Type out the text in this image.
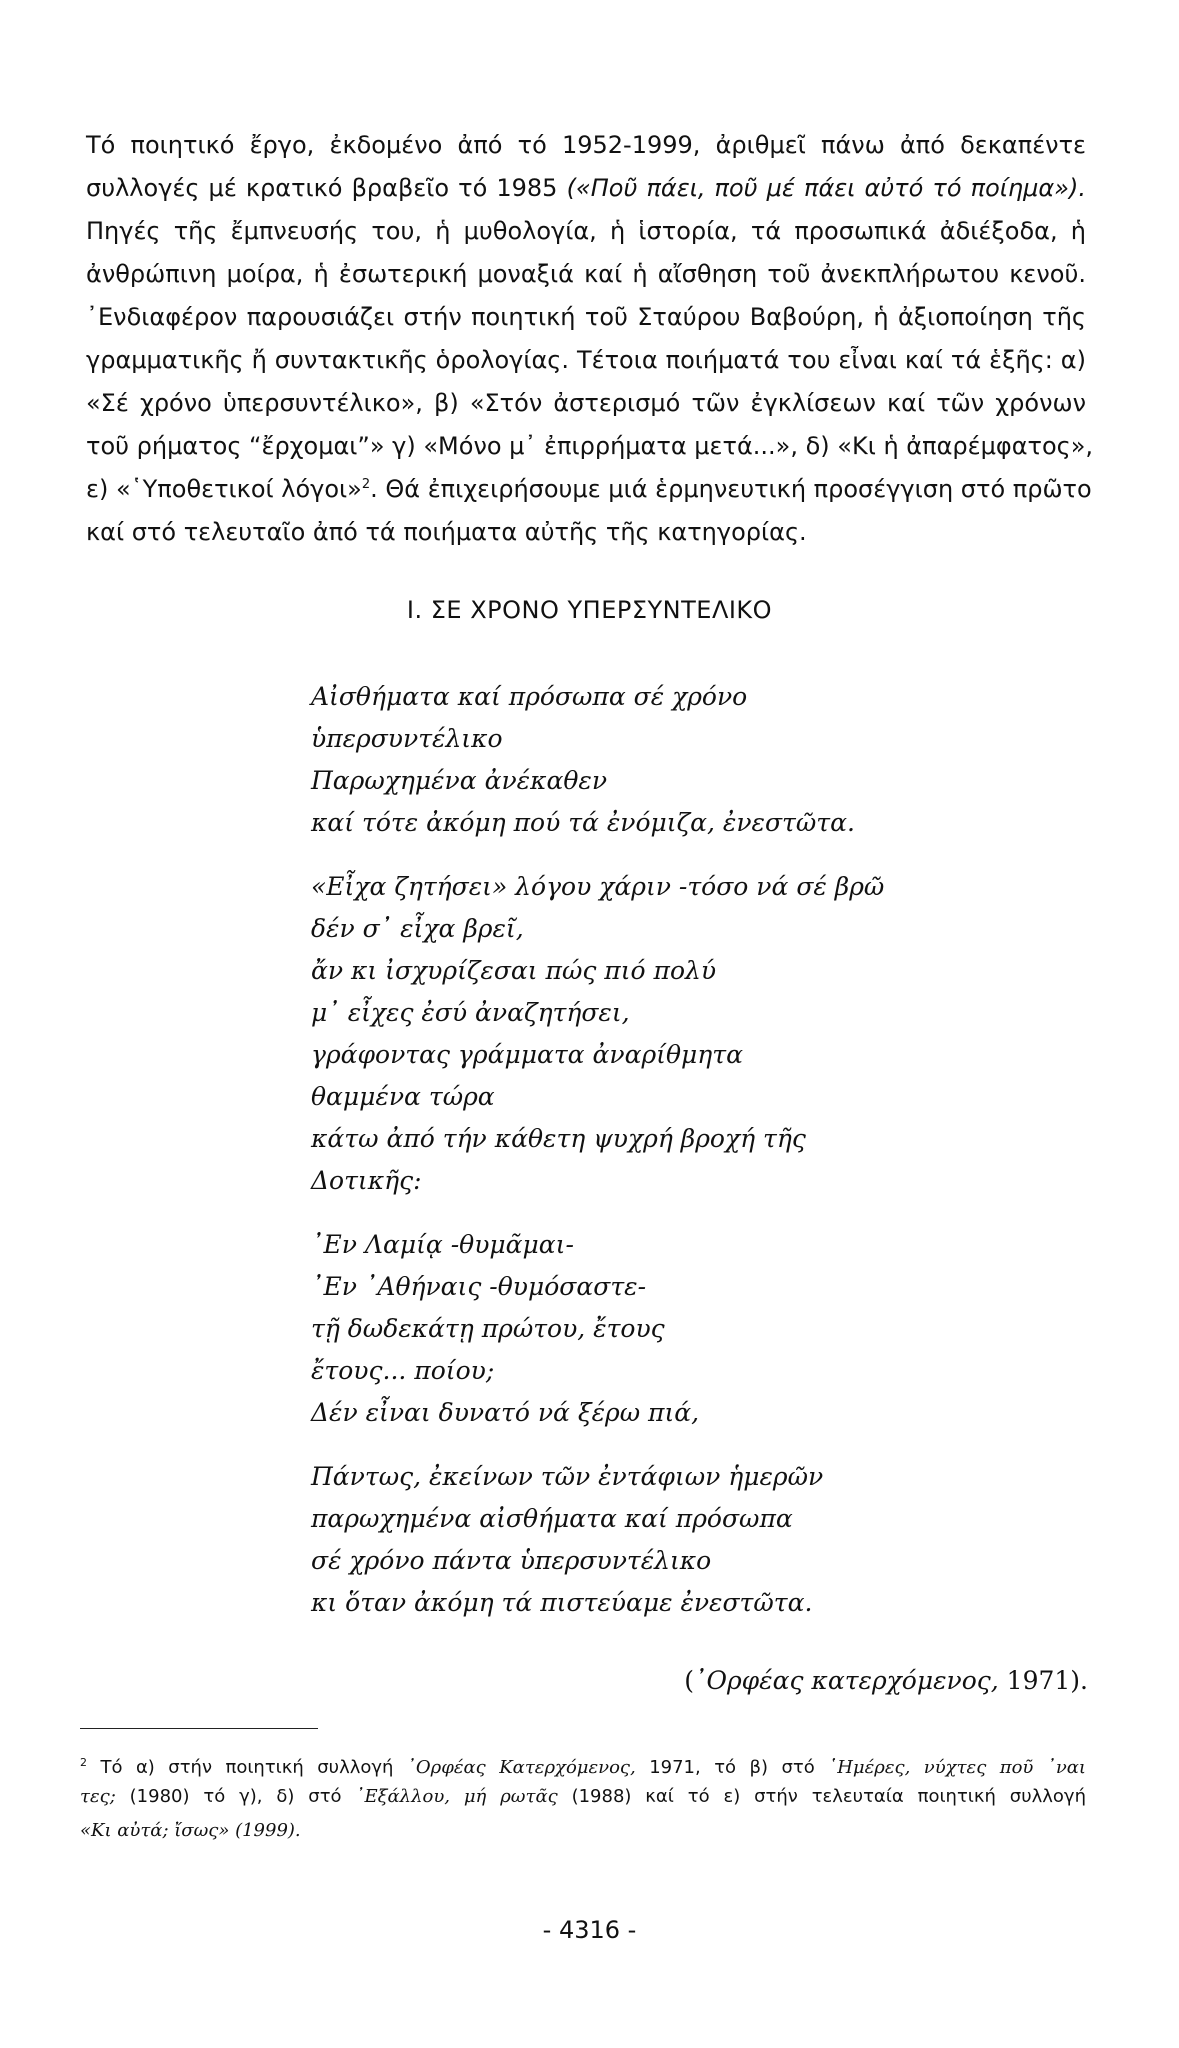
Τό ποιητικό ἔργο, ἐκδομένο ἀπό τό 1952-1999, ἀριθμεῖ πάνω ἀπό δεκαπέντε
συλλογές μέ κρατικό βραβεῖο τό 1985 («Ποῦ πάει, ποῦ μέ πάει αὐτό τό ποίημα»).
Πηγές τῆς ἔμπνευσής του, ἡ μυθολογία, ἡ ἱστορία, τά προσωπικά ἀδιέξοδα, ἡ
ἀνθρώπινη μοίρα, ἡ ἐσωτερική μοναξιά καί ἡ αἴσθηση τοῦ ἀνεκπλήρωτου κενοῦ.
᾿Ενδιαφέρον παρουσιάζει στήν ποιητική τοῦ Σταύρου Βαβούρη, ἡ ἀξιοποίηση τῆς
γραμματικῆς ἤ συντακτικῆς ὁρολογίας. Τέτοια ποιήματά του εἶναι καί τά ἑξῆς: α)
«Σέ χρόνο ὑπερσυντέλικο», β) «Στόν ἀστερισμό τῶν ἐγκλίσεων καί τῶν χρόνων
τοῦ ρήματος “ἔρχομαι”» γ) «Μόνο μ᾿ ἐπιρρήματα μετά...», δ) «Κι ἡ ἀπαρέμφατος»,
ε) «῾Υποθετικοί λόγοι»$^2$. Θά ἐπιχειρήσουμε μιά ἑρμηνευτική προσέγγιση στό πρῶτο
καί στό τελευταῖο ἀπό τά ποιήματα αὐτῆς τῆς κατηγορίας.
I. ΣΕ ΧΡΟΝΟ ΥΠΕΡΣΥΝΤΕΛΙΚΟ
Αἰσθήματα καί πρόσωπα σέ χρόνο
ὑπερσυντέλικο
Παρωχημένα ἀνέκαθεν
καί τότε ἀκόμη πού τά ἐνόμιζα, ἐνεστῶτα.
«Εἶχα ζητήσει» λόγου χάριν -τόσο νά σέ βρῶ
δέν σ᾿ εἶχα βρεῖ,
ἄν κι ἰσχυρίζεσαι πώς πιό πολύ
μ᾿ εἶχες ἐσύ ἀναζητήσει,
γράφοντας γράμματα ἀναρίθμητα
θαμμένα τώρα
κάτω ἀπό τήν κάθετη ψυχρή βροχή τῆς
Δοτικῆς:
᾿Εν Λαμίᾳ -θυμᾶμαι-
᾿Εν ᾿Αθήναις -θυμόσαστε-
τῇ δωδεκάτῃ πρώτου, ἔτους
ἔτους... ποίου;
Δέν εἶναι δυνατό νά ξέρω πιά,
Πάντως, ἐκείνων τῶν ἐντάφιων ἡμερῶν
παρωχημένα αἰσθήματα καί πρόσωπα
σέ χρόνο πάντα ὑπερσυντέλικο
κι ὅταν ἀκόμη τά πιστεύαμε ἐνεστῶτα.
(᾿Ορφέας κατερχόμενος, 1971).
$^2$ Τό α) στήν ποιητική συλλογή ᾿Ορφέας Κατερχόμενος, 1971, τό β) στό ῾Ημέρες, νύχτες ποῦ ᾿ναι
τες; (1980) τό γ), δ) στό ᾿Εξάλλου, μή ρωτᾶς (1988) καί τό ε) στήν τελευταία ποιητική συλλογή
«Κι αὐτά; ἴσως» (1999).
- 4316 -
